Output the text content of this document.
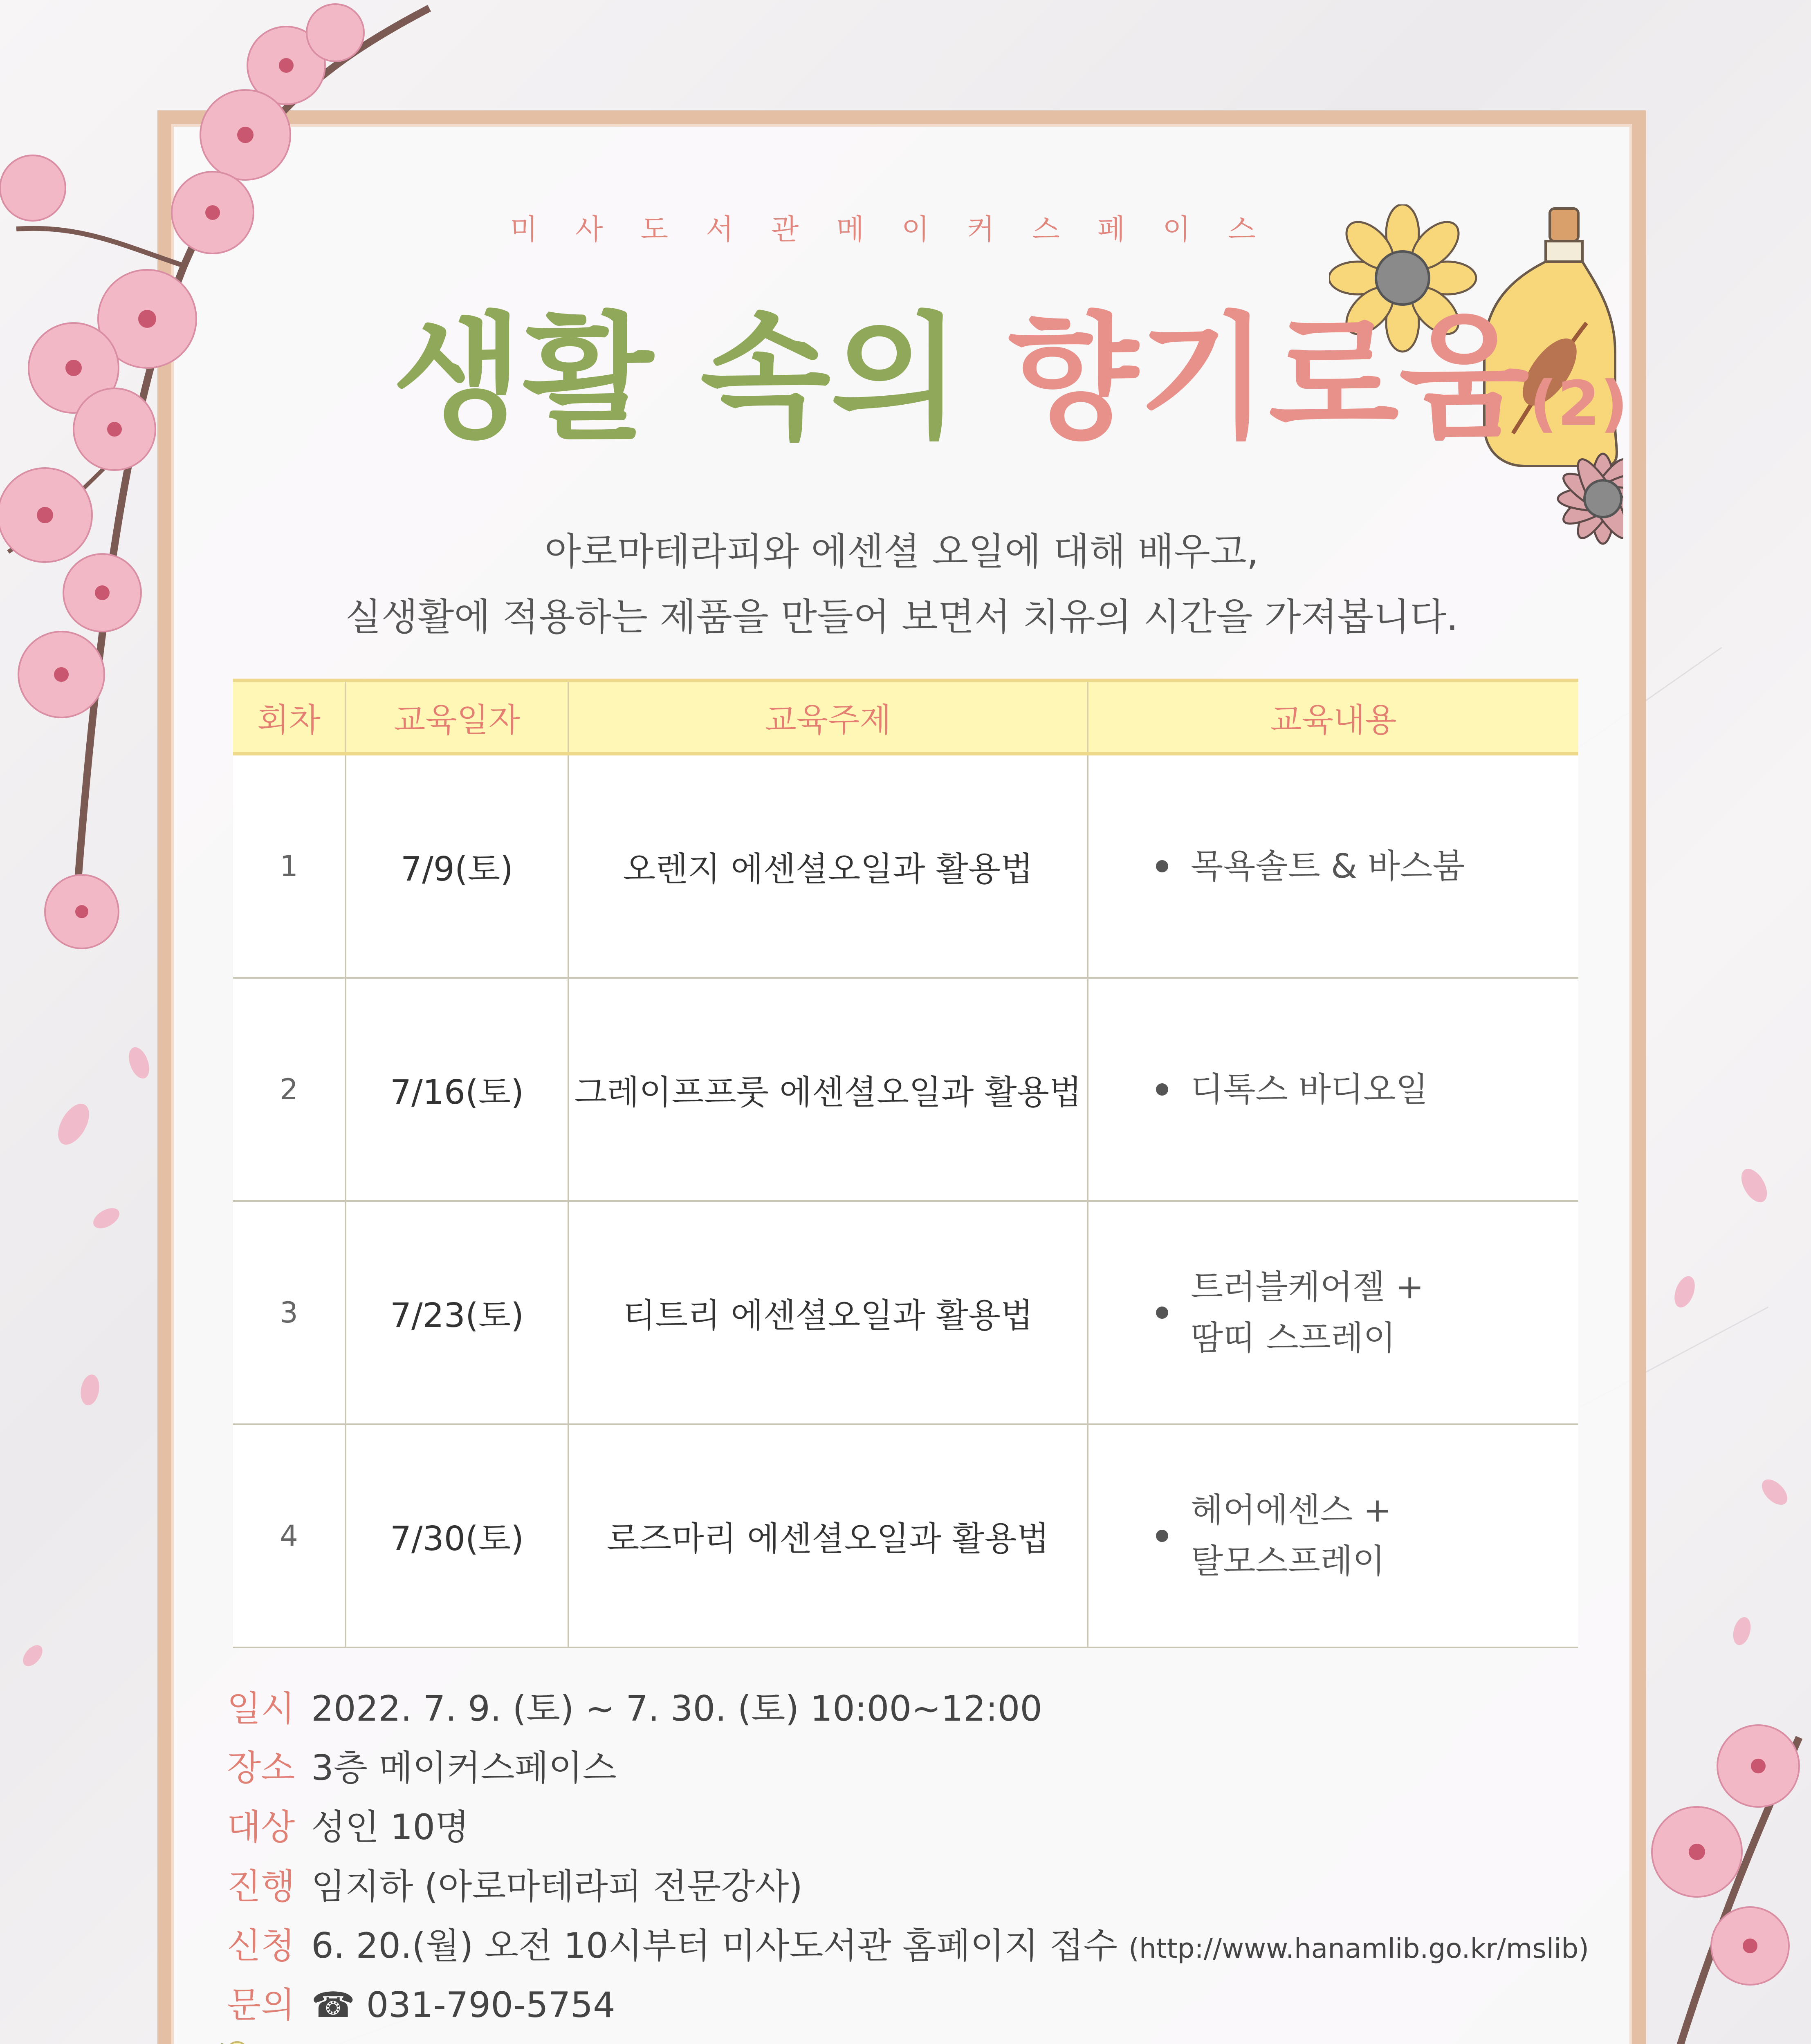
미사도서관메이커스페이스
생활 속의 향기로움(2)
아로마테라피와 에센셜 오일에 대해 배우고,
실생활에 적용하는 제품을 만들어 보면서 치유의 시간을 가져봅니다.
회차	교육일자	교육주제	교육내용
1	7/9(토)	오렌지 에센셜오일과 활용법	목욕솔트 & 바스붐
2	7/16(토)	그레이프프룻 에센셜오일과 활용법	디톡스 바디오일
3	7/23(토)	티트리 에센셜오일과 활용법	트러블케어젤 +
땀띠 스프레이
4	7/30(토)	로즈마리 에센셜오일과 활용법	헤어에센스 +
탈모스프레이
일시 2022. 7. 9. (토) ~ 7. 30. (토) 10:00~12:00
장소 3층 메이커스페이스
대상 성인 10명
진행 임지하 (아로마테라피 전문강사)
신청 6. 20.(월) 오전 10시부터 미사도서관 홈페이지 접수 (http://www.hanamlib.go.kr/mslib)
문의 ☎ 031-790-5754
